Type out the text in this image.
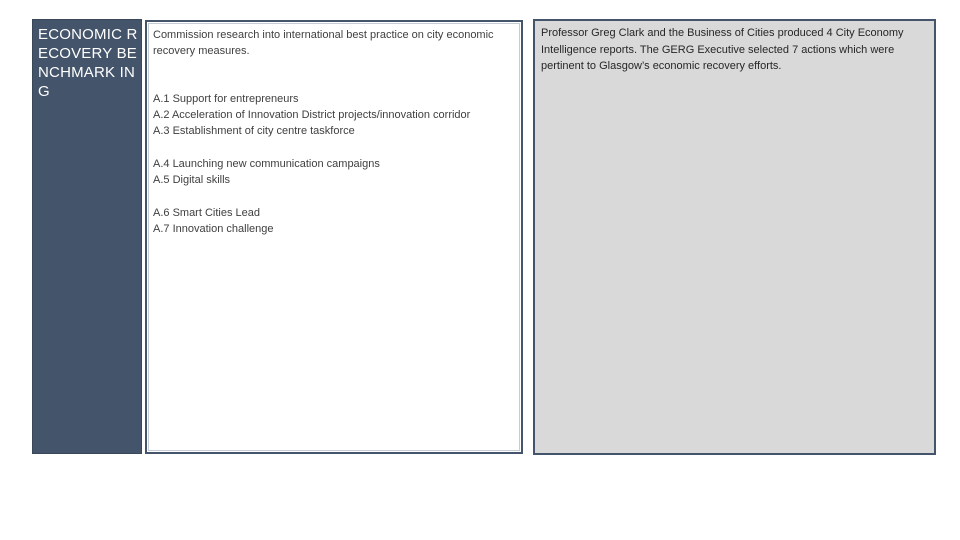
ECONOMIC RECOVERY BENCHMARK ING

Commission research into international best practice on city economic recovery measures.

A.1 Support for entrepreneurs

A.2 Acceleration of Innovation District projects/innovation corridor

A.3 Establishment of city centre taskforce

A.4 Launching new communication campaigns

A.5 Digital skills

A.6 Smart Cities Lead

A.7 Innovation challenge

Professor Greg Clark and the Business of Cities produced 4 City Economy Intelligence reports. The GERG Executive selected 7 actions which were pertinent to Glasgow’s economic recovery efforts.
